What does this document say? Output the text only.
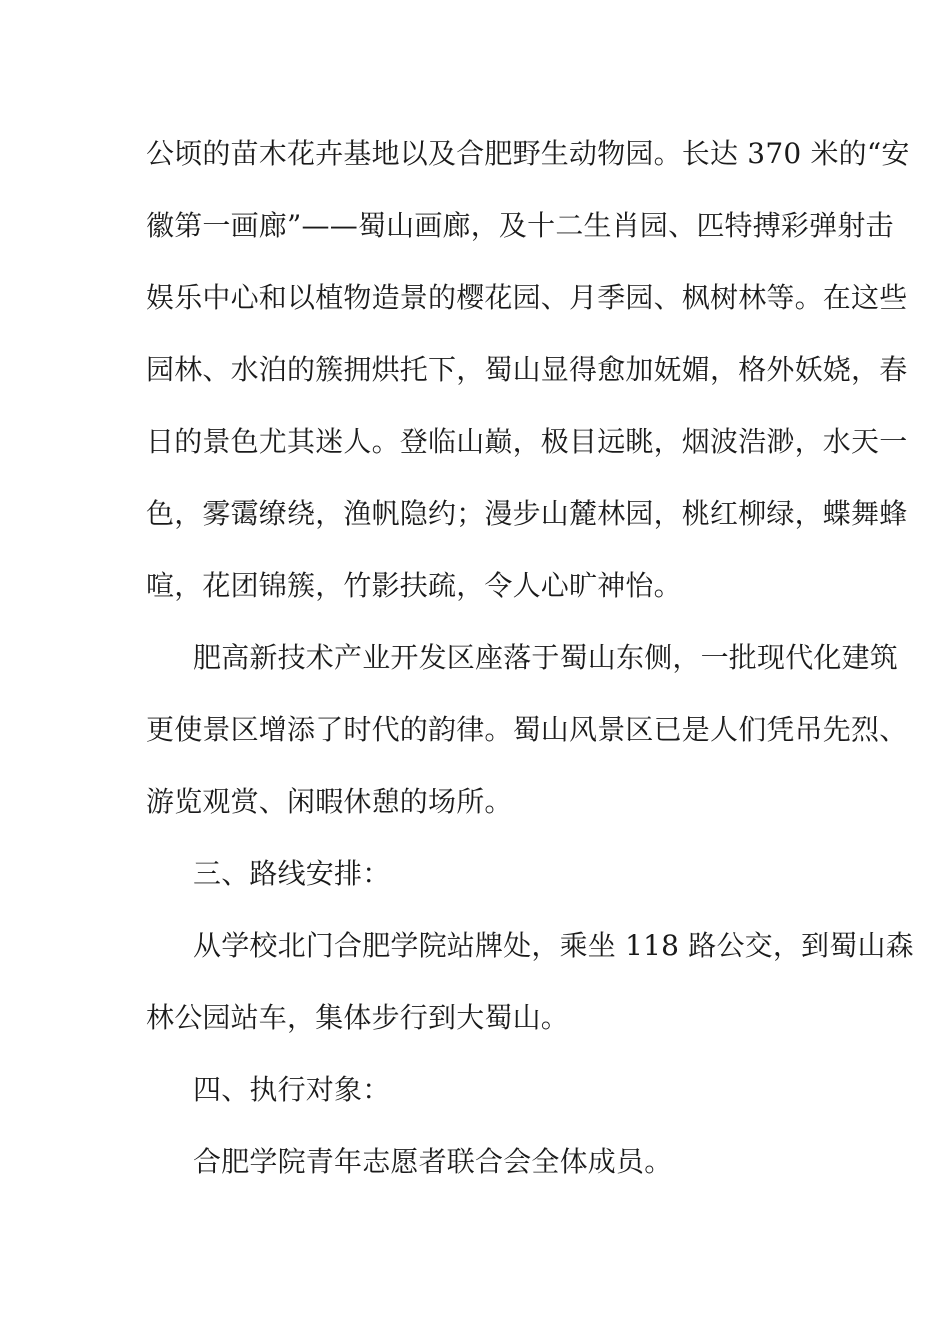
公顷的苗木花卉基地以及合肥野生动物园。长达 370 米的“安
徽第一画廊”——蜀山画廊，及十二生肖园、匹特搏彩弹射击
娱乐中心和以植物造景的樱花园、月季园、枫树林等。在这些
园林、水泊的簇拥烘托下，蜀山显得愈加妩媚，格外妖娆，春
日的景色尤其迷人。登临山巅，极目远眺，烟波浩渺，水天一
色，雾霭缭绕，渔帆隐约；漫步山麓林园，桃红柳绿，蝶舞蜂
喧，花团锦簇，竹影扶疏，令人心旷神怡。
肥高新技术产业开发区座落于蜀山东侧，一批现代化建筑
更使景区增添了时代的韵律。蜀山风景区已是人们凭吊先烈、
游览观赏、闲暇休憩的场所。
三、路线安排：
从学校北门合肥学院站牌处，乘坐 118 路公交，到蜀山森
林公园站车，集体步行到大蜀山。
四、执行对象：
合肥学院青年志愿者联合会全体成员。
